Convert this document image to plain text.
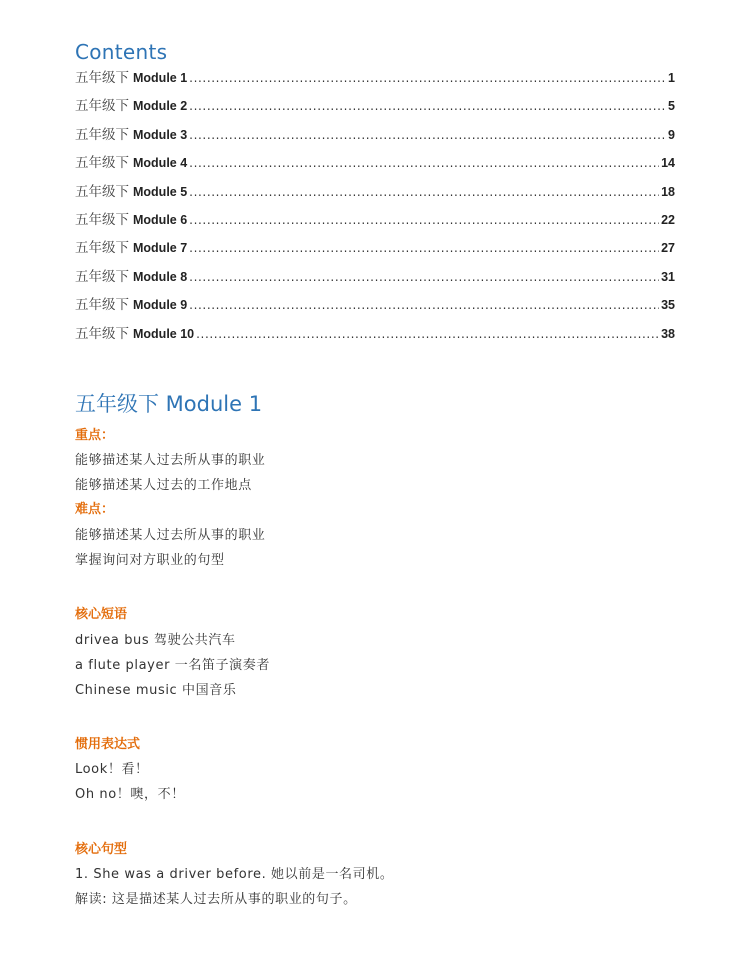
Contents
五年级下 Module 1 .....	1
五年级下 Module 2 .....	5
五年级下 Module 3 .....	9
五年级下 Module 4 .....	14
五年级下 Module 5 .....	18
五年级下 Module 6 .....	22
五年级下 Module 7 .....	27
五年级下 Module 8 .....	31
五年级下 Module 9 .....	35
五年级下 Module 10 .....	38
五年级下 Module 1
重点：
能够描述某人过去所从事的职业
能够描述某人过去的工作地点
难点：
能够描述某人过去所从事的职业
掌握询问对方职业的句型
核心短语
drivea bus 驾驶公共汽车
a flute player 一名笛子演奏者
Chinese music 中国音乐
惯用表达式
Look！看！
Oh no！噢，不！
核心句型
1. She was a driver before. 她以前是一名司机。
解读: 这是描述某人过去所从事的职业的句子。
